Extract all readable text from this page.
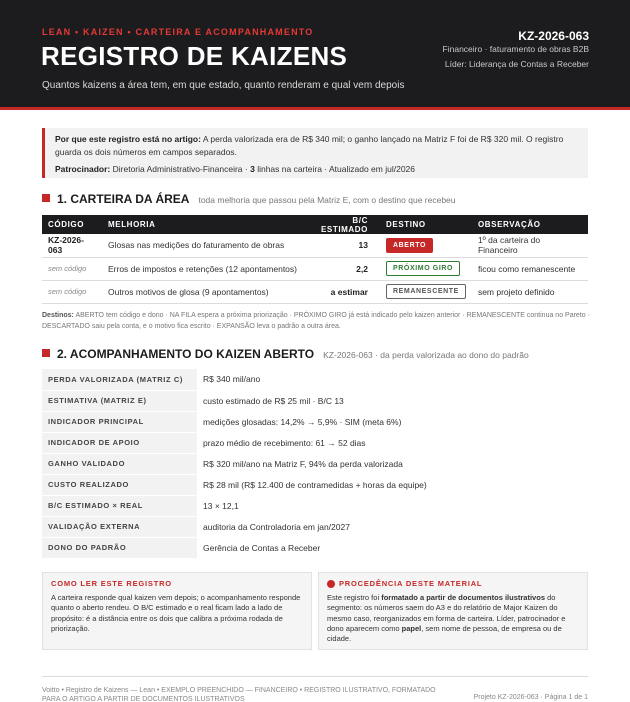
LEAN • KAIZEN • CARTEIRA E ACOMPANHAMENTO
REGISTRO DE KAIZENS
Quantos kaizens a área tem, em que estado, quanto renderam e qual vem depois
KZ-2026-063
Financeiro · faturamento de obras B2B
Líder: Liderança de Contas a Receber
Por que este registro está no artigo: A perda valorizada era de R$ 340 mil; o ganho lançado na Matriz F foi de R$ 320 mil. O registro guarda os dois números em campos separados.
Patrocinador: Diretoria Administrativo-Financeira · 3 linhas na carteira · Atualizado em jul/2026
1. CARTEIRA DA ÁREA toda melhoria que passou pela Matriz E, com o destino que recebeu
CÓDIGO	MELHORIA	B/C ESTIMADO	DESTINO	OBSERVAÇÃO
KZ-2026-063	Glosas nas medições do faturamento de obras	13	ABERTO	1º da carteira do Financeiro
sem código	Erros de impostos e retenções (12 apontamentos)	2,2	PRÓXIMO GIRO	ficou como remanescente
sem código	Outros motivos de glosa (9 apontamentos)	a estimar	REMANESCENTE	sem projeto definido
Destinos: ABERTO tem código e dono · NA FILA espera a próxima priorização · PRÓXIMO GIRO já está indicado pelo kaizen anterior · REMANESCENTE continua no Pareto · DESCARTADO saiu pela conta, e o motivo fica escrito · EXPANSÃO leva o padrão a outra área.
2. ACOMPANHAMENTO DO KAIZEN ABERTO KZ-2026-063 · da perda valorizada ao dono do padrão
PERDA VALORIZADA (MATRIZ C)	R$ 340 mil/ano
ESTIMATIVA (MATRIZ E)	custo estimado de R$ 25 mil · B/C 13
INDICADOR PRINCIPAL	medições glosadas: 14,2% → 5,9% · SIM (meta 6%)
INDICADOR DE APOIO	prazo médio de recebimento: 61 → 52 dias
GANHO VALIDADO	R$ 320 mil/ano na Matriz F, 94% da perda valorizada
CUSTO REALIZADO	R$ 28 mil (R$ 12.400 de contramedidas + horas da equipe)
B/C ESTIMADO × REAL	13 × 12,1
VALIDAÇÃO EXTERNA	auditoria da Controladoria em jan/2027
DONO DO PADRÃO	Gerência de Contas a Receber
COMO LER ESTE REGISTRO
A carteira responde qual kaizen vem depois; o acompanhamento responde quanto o aberto rendeu. O B/C estimado e o real ficam lado a lado de propósito: é a distância entre os dois que calibra a próxima rodada de priorização.
PROCEDÊNCIA DESTE MATERIAL
Este registro foi formatado a partir de documentos ilustrativos do segmento: os números saem do A3 e do relatório de Major Kaizen do mesmo caso, reorganizados em forma de carteira. Líder, patrocinador e dono aparecem como papel, sem nome de pessoa, de empresa ou de cidade.
Voitto • Registro de Kaizens — Lean • EXEMPLO PREENCHIDO — FINANCEIRO • REGISTRO ILUSTRATIVO, FORMATADO PARA O ARTIGO A PARTIR DE DOCUMENTOS ILUSTRATIVOS	Projeto KZ-2026-063 · Página 1 de 1
